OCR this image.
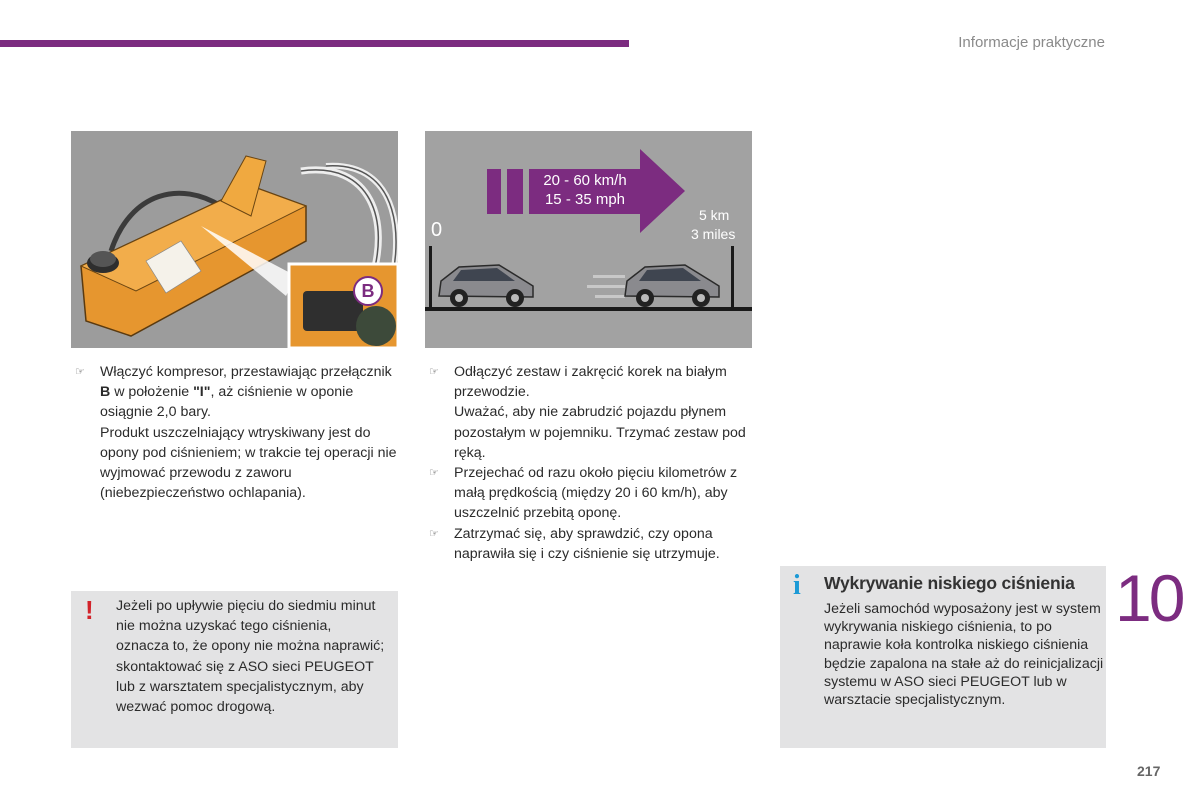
Informacje praktyczne
B
20 - 60 km/h
15 - 35 mph
0
5 km
3 miles
☞ Włączyć kompresor, przestawiając przełącznik B w położenie "I", aż ciśnienie w oponie osiągnie 2,0 bary.

Produkt uszczelniający wtryskiwany jest do opony pod ciśnieniem; w trakcie tej operacji nie wyjmować przewodu z zaworu (niebezpieczeństwo ochlapania).

☞ Odłączyć zestaw i zakręcić korek na białym przewodzie.

Uważać, aby nie zabrudzić pojazdu płynem pozostałym w pojemniku. Trzymać zestaw pod ręką.

☞ Przejechać od razu około pięciu kilometrów z małą prędkością (między 20 i 60 km/h), aby uszczelnić przebitą oponę.

☞ Zatrzymać się, aby sprawdzić, czy opona naprawiła się i czy ciśnienie się utrzymuje.

! Jeżeli po upływie pięciu do siedmiu minut nie można uzyskać tego ciśnienia, oznacza to, że opony nie można naprawić; skontaktować się z ASO sieci PEUGEOT lub z warsztatem specjalistycznym, aby wezwać pomoc drogową.
i Wykrywanie niskiego ciśnienia
Jeżeli samochód wyposażony jest w system wykrywania niskiego ciśnienia, to po naprawie koła kontrolka niskiego ciśnienia będzie zapalona na stałe aż do reinicjalizacji systemu w ASO sieci PEUGEOT lub w warsztacie specjalistycznym.
10
217
